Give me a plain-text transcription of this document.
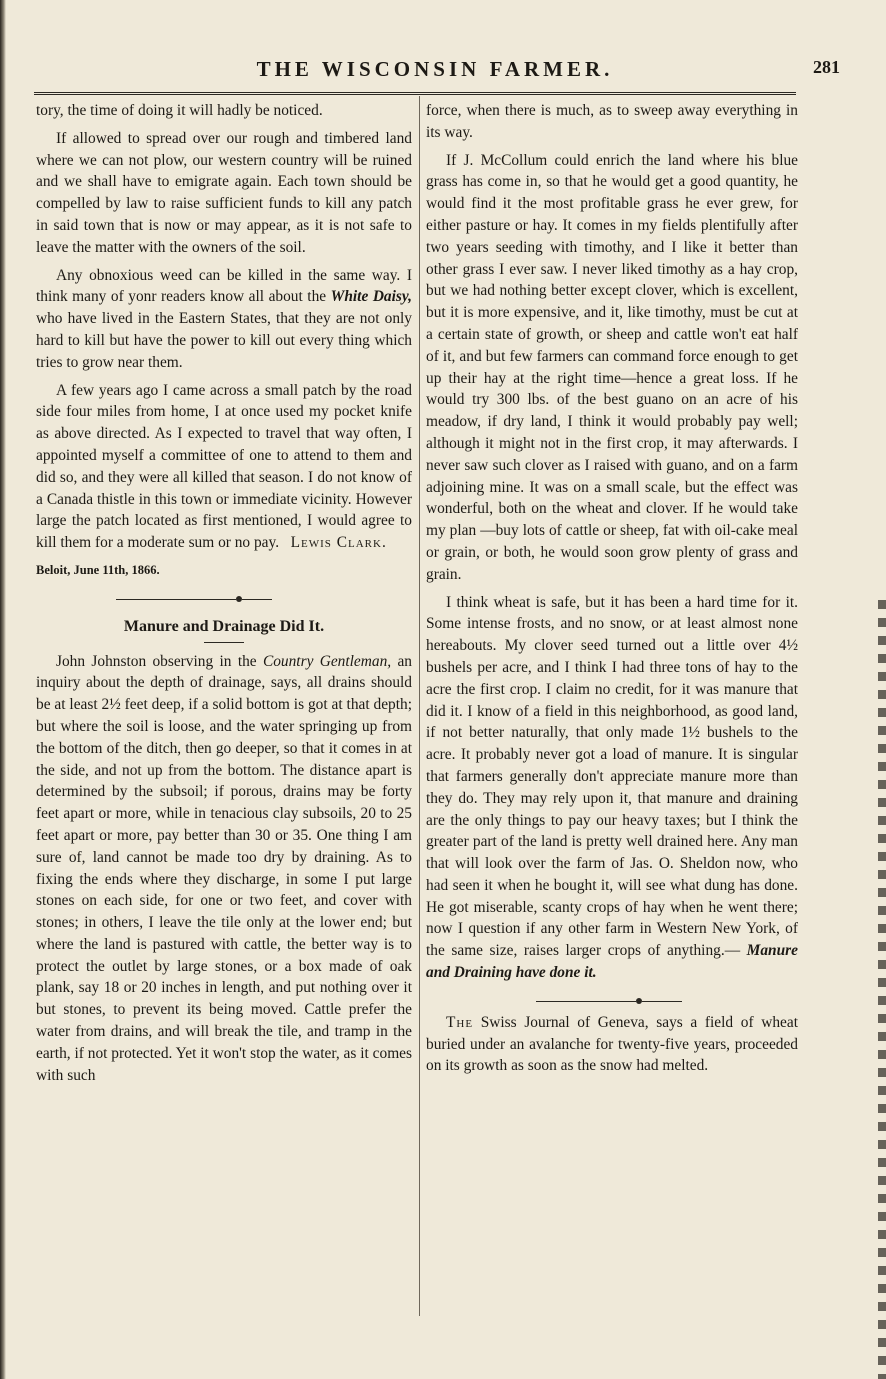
THE WISCONSIN FARMER.	281

tory, the time of doing it will hadly be noticed.

If allowed to spread over our rough and timbered land where we can not plow, our western country will be ruined and we shall have to emigrate again. Each town should be compelled by law to raise sufficient funds to kill any patch in said town that is now or may appear, as it is not safe to leave the matter with the owners of the soil.

Any obnoxious weed can be killed in the same way. I think many of yonr readers know all about the White Daisy, who have lived in the Eastern States, that they are not only hard to kill but have the power to kill out every thing which tries to grow near them.

A few years ago I came across a small patch by the road side four miles from home, I at once used my pocket knife as above directed. As I expected to travel that way often, I appointed myself a committee of one to attend to them and did so, and they were all killed that season. I do not know of a Canada thistle in this town or immediate vicinity. However large the patch located as first mentioned, I would agree to kill them for a moderate sum or no pay. Lewis Clark.

Beloit, June 11th, 1866.
Manure and Drainage Did It.

John Johnston observing in the Country Gentleman, an inquiry about the depth of drainage, says, all drains should be at least 2½ feet deep, if a solid bottom is got at that depth; but where the soil is loose, and the water springing up from the bottom of the ditch, then go deeper, so that it comes in at the side, and not up from the bottom. The distance apart is determined by the subsoil; if porous, drains may be forty feet apart or more, while in tenacious clay subsoils, 20 to 25 feet apart or more, pay better than 30 or 35. One thing I am sure of, land cannot be made too dry by draining. As to fixing the ends where they discharge, in some I put large stones on each side, for one or two feet, and cover with stones; in others, I leave the tile only at the lower end; but where the land is pastured with cattle, the better way is to protect the outlet by large stones, or a box made of oak plank, say 18 or 20 inches in length, and put nothing over it but stones, to prevent its being moved. Cattle prefer the water from drains, and will break the tile, and tramp in the earth, if not protected. Yet it won't stop the water, as it comes with such

force, when there is much, as to sweep away everything in its way.

If J. McCollum could enrich the land where his blue grass has come in, so that he would get a good quantity, he would find it the most profitable grass he ever grew, for either pasture or hay. It comes in my fields plentifully after two years seeding with timothy, and I like it better than other grass I ever saw. I never liked timothy as a hay crop, but we had nothing better except clover, which is excellent, but it is more expensive, and it, like timothy, must be cut at a certain state of growth, or sheep and cattle won't eat half of it, and but few farmers can command force enough to get up their hay at the right time—hence a great loss. If he would try 300 lbs. of the best guano on an acre of his meadow, if dry land, I think it would probably pay well; although it might not in the first crop, it may afterwards. I never saw such clover as I raised with guano, and on a farm adjoining mine. It was on a small scale, but the effect was wonderful, both on the wheat and clover. If he would take my plan —buy lots of cattle or sheep, fat with oil-cake meal or grain, or both, he would soon grow plenty of grass and grain.

I think wheat is safe, but it has been a hard time for it. Some intense frosts, and no snow, or at least almost none hereabouts. My clover seed turned out a little over 4½ bushels per acre, and I think I had three tons of hay to the acre the first crop. I claim no credit, for it was manure that did it. I know of a field in this neighborhood, as good land, if not better naturally, that only made 1½ bushels to the acre. It probably never got a load of manure. It is singular that farmers generally don't appreciate manure more than they do. They may rely upon it, that manure and draining are the only things to pay our heavy taxes; but I think the greater part of the land is pretty well drained here. Any man that will look over the farm of Jas. O. Sheldon now, who had seen it when he bought it, will see what dung has done. He got miserable, scanty crops of hay when he went there; now I question if any other farm in Western New York, of the same size, raises larger crops of anything.— Manure and Draining have done it.

The Swiss Journal of Geneva, says a field of wheat buried under an avalanche for twenty-five years, proceeded on its growth as soon as the snow had melted.
